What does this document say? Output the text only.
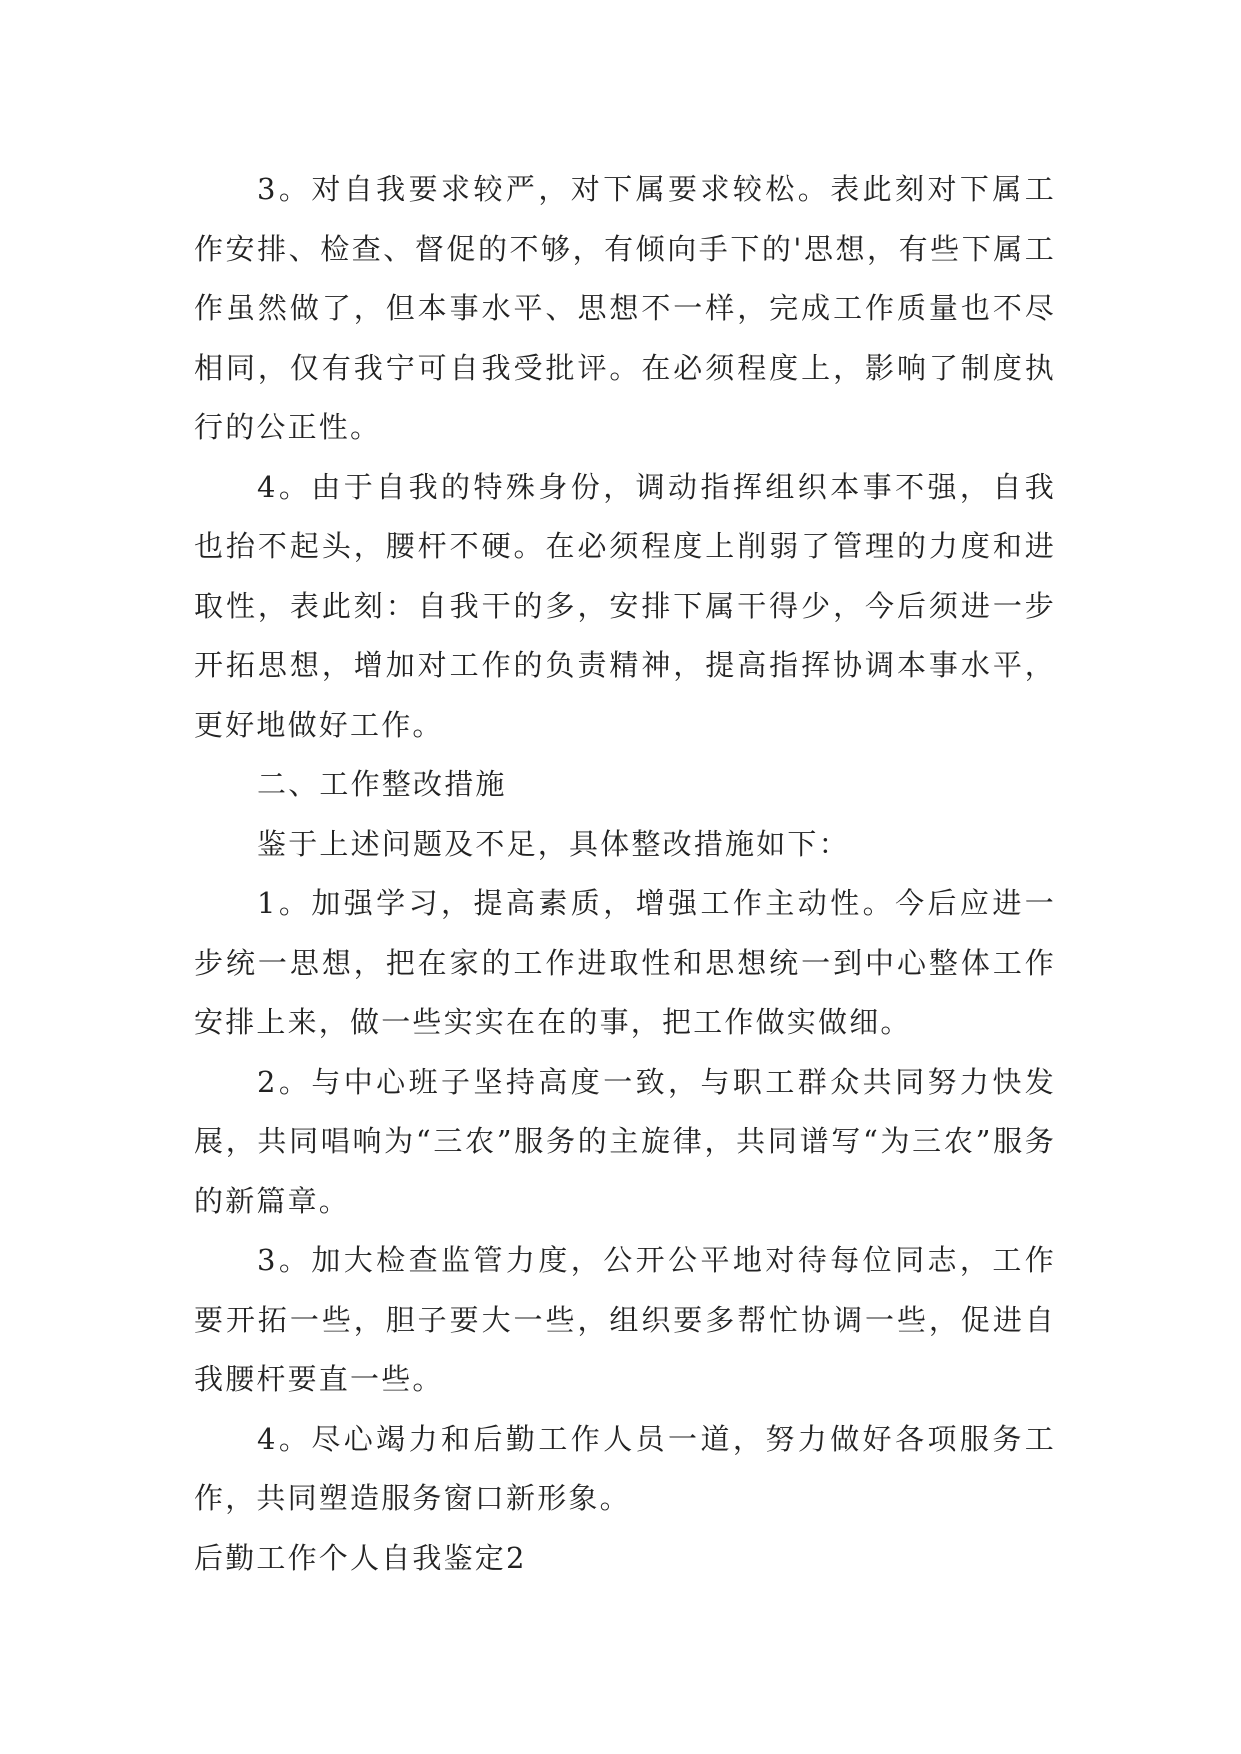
3。对自我要求较严，对下属要求较松。表此刻对下属工作安排、检查、督促的不够，有倾向手下的'思想，有些下属工作虽然做了，但本事水平、思想不一样，完成工作质量也不尽相同，仅有我宁可自我受批评。在必须程度上，影响了制度执行的公正性。

4。由于自我的特殊身份，调动指挥组织本事不强，自我也抬不起头，腰杆不硬。在必须程度上削弱了管理的力度和进取性，表此刻：自我干的多，安排下属干得少，今后须进一步开拓思想，增加对工作的负责精神，提高指挥协调本事水平，更好地做好工作。

二、工作整改措施

鉴于上述问题及不足，具体整改措施如下：

1。加强学习，提高素质，增强工作主动性。今后应进一步统一思想，把在家的工作进取性和思想统一到中心整体工作安排上来，做一些实实在在的事，把工作做实做细。

2。与中心班子坚持高度一致，与职工群众共同努力快发展，共同唱响为“三农”服务的主旋律，共同谱写“为三农”服务的新篇章。

3。加大检查监管力度，公开公平地对待每位同志，工作要开拓一些，胆子要大一些，组织要多帮忙协调一些，促进自我腰杆要直一些。

4。尽心竭力和后勤工作人员一道，努力做好各项服务工作，共同塑造服务窗口新形象。

后勤工作个人自我鉴定2
